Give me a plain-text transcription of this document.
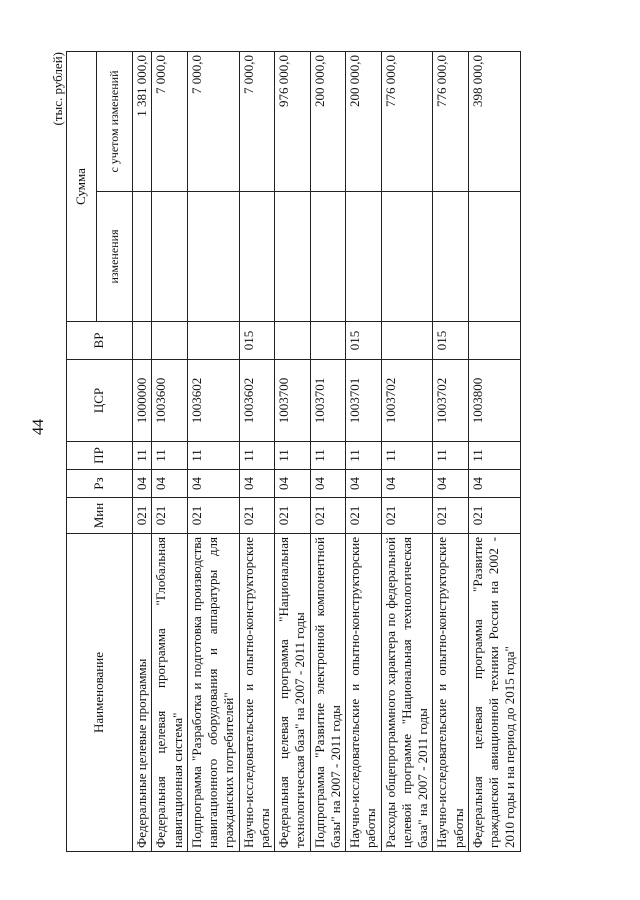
44
(тыс. рублей)
Наименование	Мин	Рз	ПР	ЦСР	ВР	Сумма	
						изменения	с учетом изменений
Федеральные целевые программы	021	04	11	1000000			1 381 000,0
Федеральная целевая программа "Глобальная навигационная система"	021	04	11	1003600			7 000,0
Подпрограмма "Разработка и подготовка производства навигационного оборудования и аппаратуры для гражданских потребителей"	021	04	11	1003602			7 000,0
Научно-исследовательские и опытно-конструкторские работы	021	04	11	1003602	015		7 000,0
Федеральная целевая программа "Национальная технологическая база" на 2007 - 2011 годы	021	04	11	1003700			976 000,0
Подпрограмма "Развитие электронной компонентной базы" на 2007 - 2011 годы	021	04	11	1003701			200 000,0
Научно-исследовательские и опытно-конструкторские работы	021	04	11	1003701	015		200 000,0
Расходы общепрограммного характера по федеральной целевой программе "Национальная технологическая база" на 2007 - 2011 годы	021	04	11	1003702			776 000,0
Научно-исследовательские и опытно-конструкторские работы	021	04	11	1003702	015		776 000,0
Федеральная целевая программа "Развитие гражданской авиационной техники России на 2002 - 2010 годы и на период до 2015 года"	021	04	11	1003800			398 000,0
